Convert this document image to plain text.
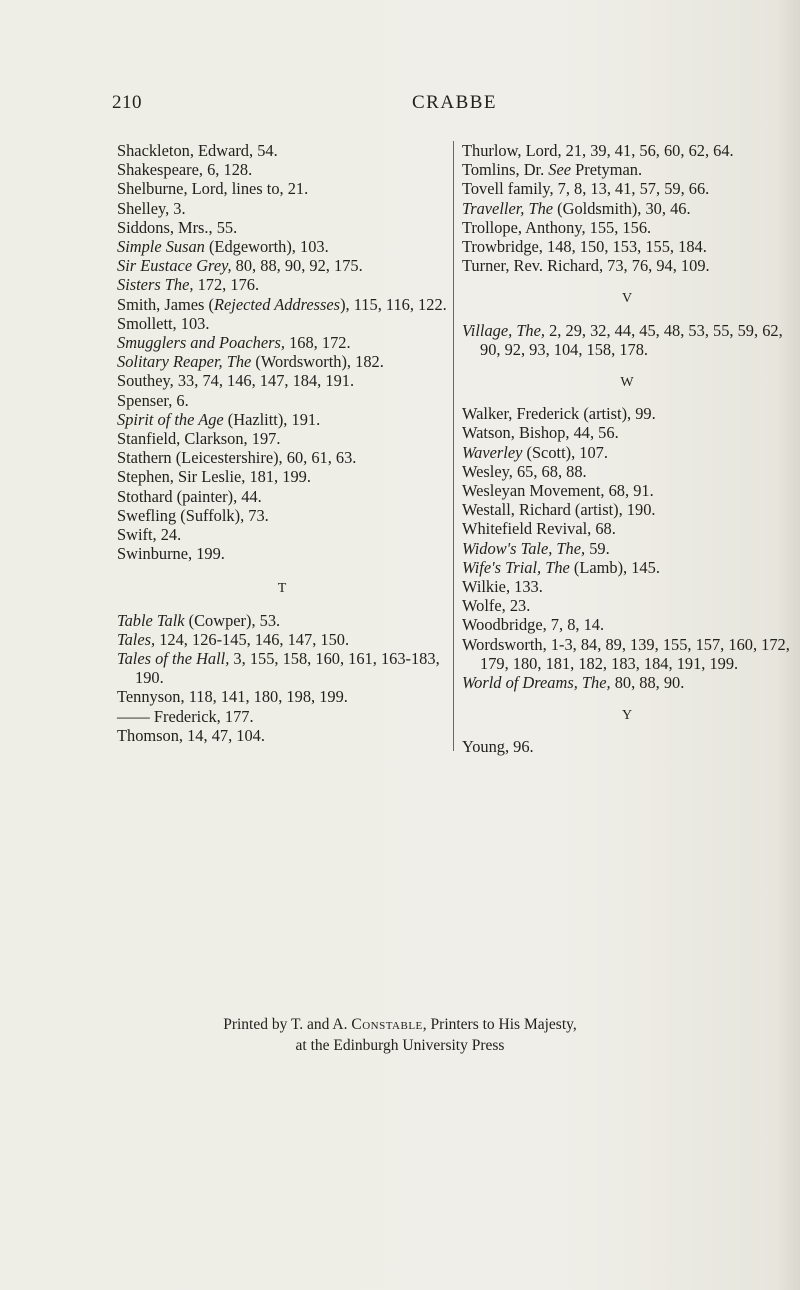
210	CRABBE
Shackleton, Edward, 54.
Shakespeare, 6, 128.
Shelburne, Lord, lines to, 21.
Shelley, 3.
Siddons, Mrs., 55.
Simple Susan (Edgeworth), 103.
Sir Eustace Grey, 80, 88, 90, 92, 175.
Sisters The, 172, 176.
Smith, James (Rejected Addresses), 115, 116, 122.
Smollett, 103.
Smugglers and Poachers, 168, 172.
Solitary Reaper, The (Wordsworth), 182.
Southey, 33, 74, 146, 147, 184, 191.
Spenser, 6.
Spirit of the Age (Hazlitt), 191.
Stanfield, Clarkson, 197.
Stathern (Leicestershire), 60, 61, 63.
Stephen, Sir Leslie, 181, 199.
Stothard (painter), 44.
Swefling (Suffolk), 73.
Swift, 24.
Swinburne, 199.
T
Table Talk (Cowper), 53.
Tales, 124, 126-145, 146, 147, 150.
Tales of the Hall, 3, 155, 158, 160, 161, 163-183, 190.
Tennyson, 118, 141, 180, 198, 199.
—— Frederick, 177.
Thomson, 14, 47, 104.
Thurlow, Lord, 21, 39, 41, 56, 60, 62, 64.
Tomlins, Dr. See Pretyman.
Tovell family, 7, 8, 13, 41, 57, 59, 66.
Traveller, The (Goldsmith), 30, 46.
Trollope, Anthony, 155, 156.
Trowbridge, 148, 150, 153, 155, 184.
Turner, Rev. Richard, 73, 76, 94, 109.
V
Village, The, 2, 29, 32, 44, 45, 48, 53, 55, 59, 62, 90, 92, 93, 104, 158, 178.
W
Walker, Frederick (artist), 99.
Watson, Bishop, 44, 56.
Waverley (Scott), 107.
Wesley, 65, 68, 88.
Wesleyan Movement, 68, 91.
Westall, Richard (artist), 190.
Whitefield Revival, 68.
Widow's Tale, The, 59.
Wife's Trial, The (Lamb), 145.
Wilkie, 133.
Wolfe, 23.
Woodbridge, 7, 8, 14.
Wordsworth, 1-3, 84, 89, 139, 155, 157, 160, 172, 179, 180, 181, 182, 183, 184, 191, 199.
World of Dreams, The, 80, 88, 90.
Y
Young, 96.
Printed by T. and A. Constable, Printers to His Majesty,
at the Edinburgh University Press
